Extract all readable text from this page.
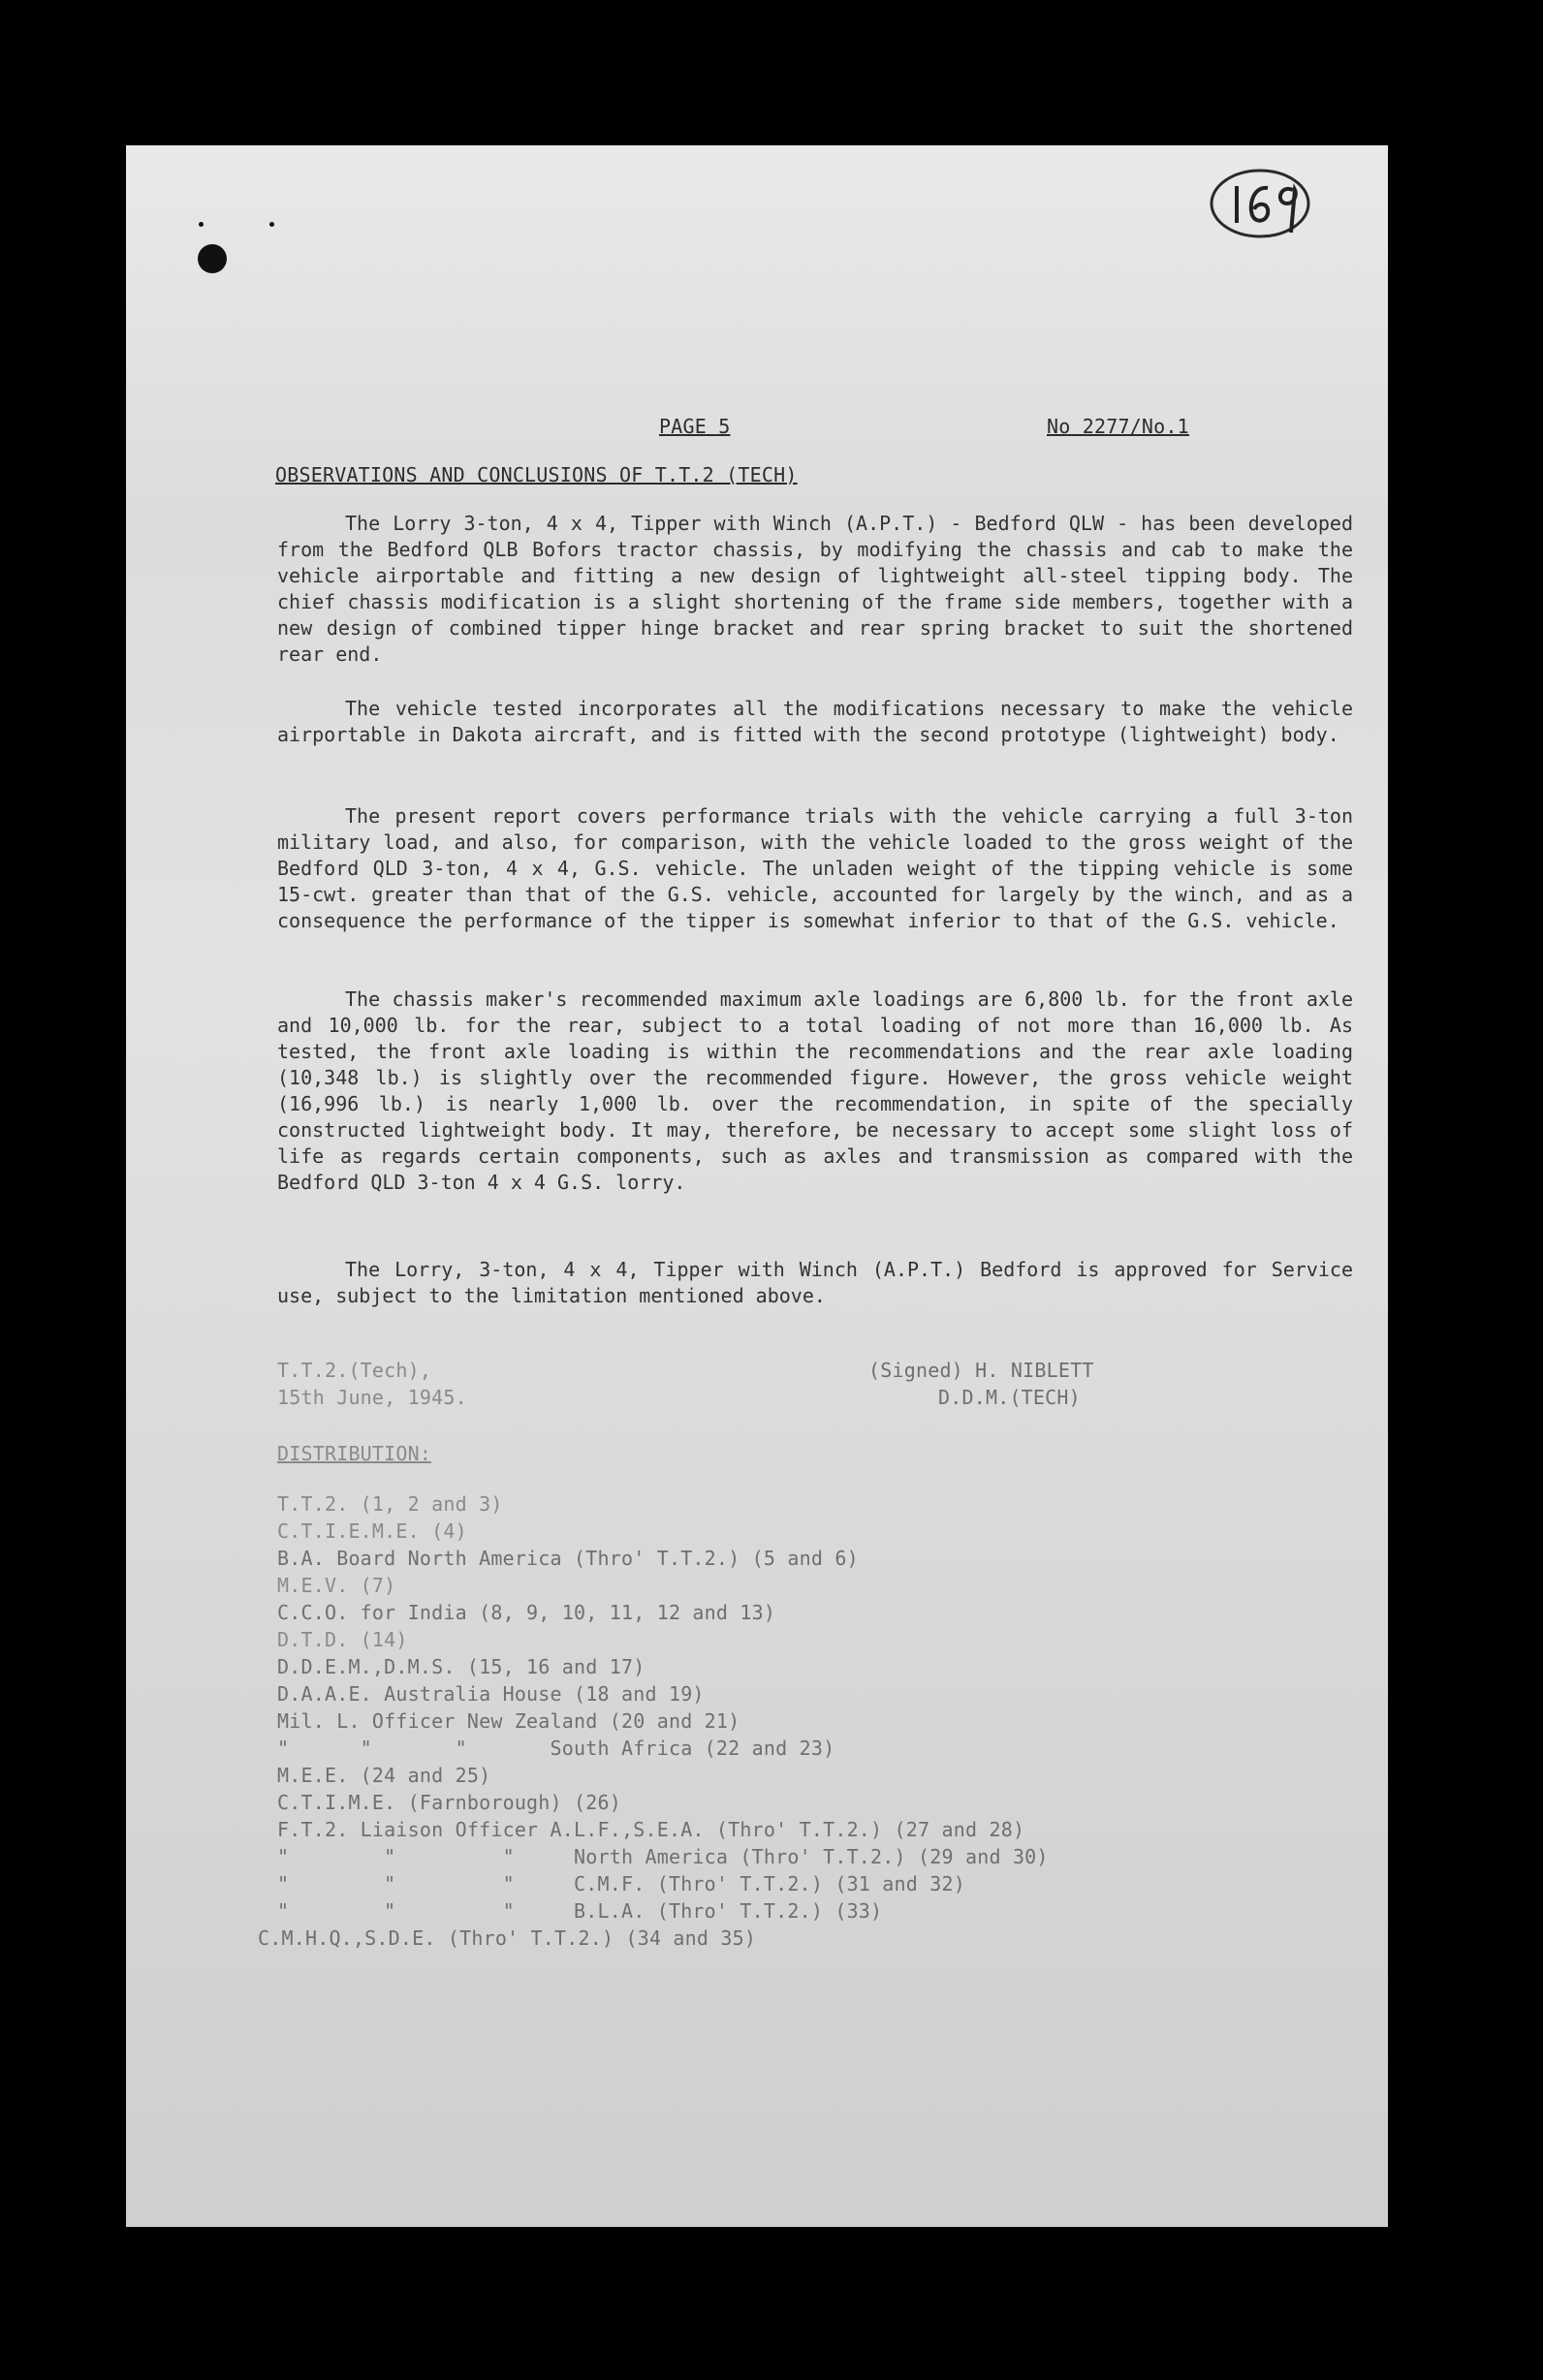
PAGE 5	No 2277/No.1
OBSERVATIONS AND CONCLUSIONS OF T.T.2 (TECH)
The Lorry 3-ton, 4 x 4, Tipper with Winch (A.P.T.) - Bedford QLW - has been developed from the Bedford QLB Bofors tractor chassis, by modifying the chassis and cab to make the vehicle airportable and fitting a new design of lightweight all-steel tipping body. The chief chassis modification is a slight shortening of the frame side members, together with a new design of combined tipper hinge bracket and rear spring bracket to suit the shortened rear end.
The vehicle tested incorporates all the modifications necessary to make the vehicle airportable in Dakota aircraft, and is fitted with the second prototype (lightweight) body.
The present report covers performance trials with the vehicle carrying a full 3-ton military load, and also, for comparison, with the vehicle loaded to the gross weight of the Bedford QLD 3-ton, 4 x 4, G.S. vehicle. The unladen weight of the tipping vehicle is some 15-cwt. greater than that of the G.S. vehicle, accounted for largely by the winch, and as a consequence the performance of the tipper is somewhat inferior to that of the G.S. vehicle.
The chassis maker's recommended maximum axle loadings are 6,800 lb. for the front axle and 10,000 lb. for the rear, subject to a total loading of not more than 16,000 lb. As tested, the front axle loading is within the recommendations and the rear axle loading (10,348 lb.) is slightly over the recommended figure. However, the gross vehicle weight (16,996 lb.) is nearly 1,000 lb. over the recommendation, in spite of the specially constructed lightweight body. It may, therefore, be necessary to accept some slight loss of life as regards certain components, such as axles and transmission as compared with the Bedford QLD 3-ton 4 x 4 G.S. lorry.
The Lorry, 3-ton, 4 x 4, Tipper with Winch (A.P.T.) Bedford is approved for Service use, subject to the limitation mentioned above.
T.T.2.(Tech),
15th June, 1945.
(Signed) H. NIBLETT
D.D.M.(TECH)
DISTRIBUTION:
T.T.2. (1, 2 and 3)
C.T.I.E.M.E. (4)
B.A. Board North America (Thro' T.T.2.) (5 and 6)
M.E.V. (7)
C.C.O. for India (8, 9, 10, 11, 12 and 13)
D.T.D. (14)
D.D.E.M.,D.M.S. (15, 16 and 17)
D.A.A.E. Australia House (18 and 19)
Mil. L. Officer New Zealand (20 and 21)
"      "       "       South Africa (22 and 23)
M.E.E. (24 and 25)
C.T.I.M.E. (Farnborough) (26)
F.T.2. Liaison Officer A.L.F.,S.E.A. (Thro' T.T.2.) (27 and 28)
"        "         "     North America (Thro' T.T.2.) (29 and 30)
"        "         "     C.M.F. (Thro' T.T.2.) (31 and 32)
"        "         "     B.L.A. (Thro' T.T.2.) (33)
C.M.H.Q.,S.D.E. (Thro' T.T.2.) (34 and 35)
